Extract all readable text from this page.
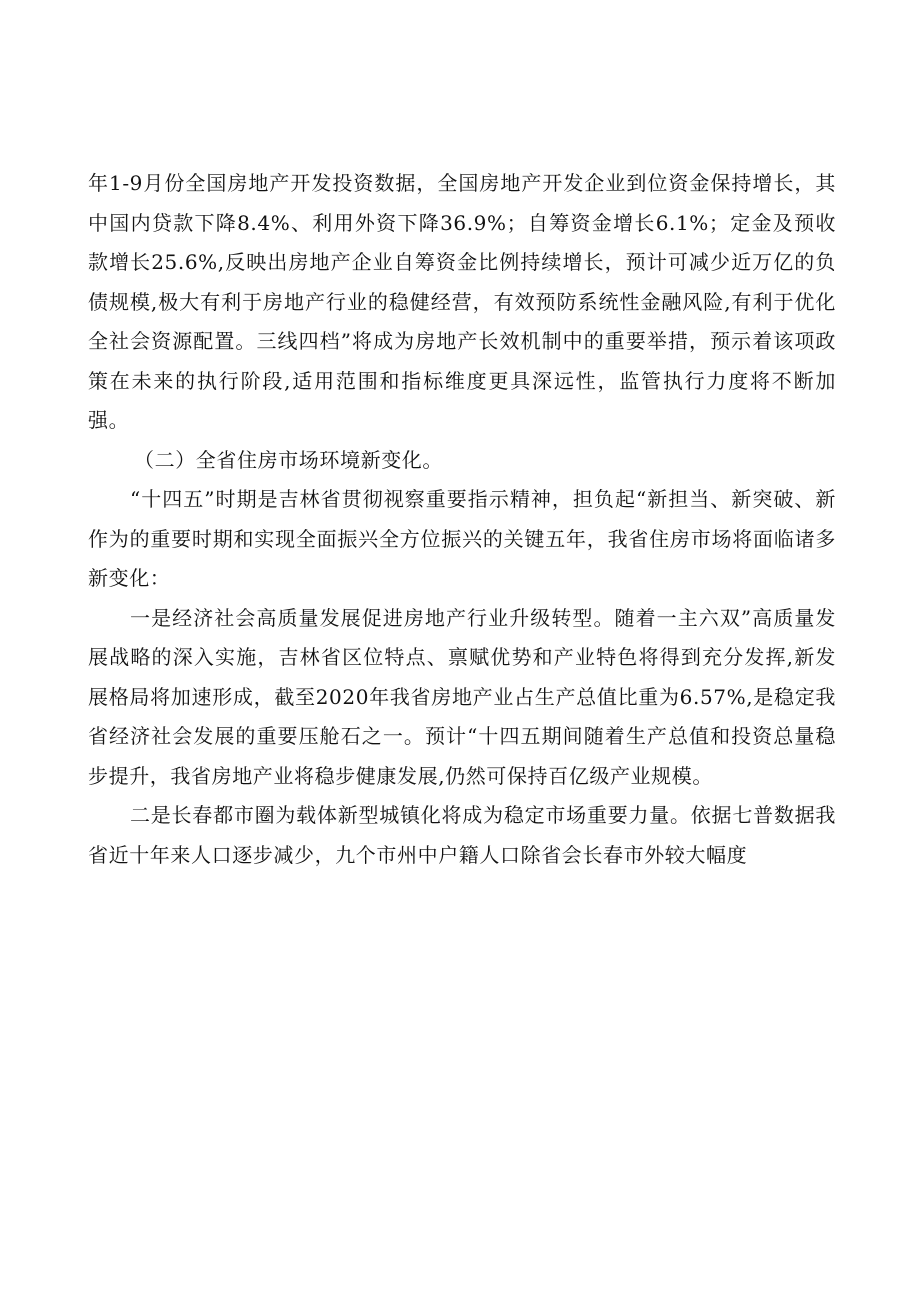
年1-9月份全国房地产开发投资数据，全国房地产开发企业到位资金保持增长，其中国内贷款下降8.4%、利用外资下降36.9%；自筹资金增长6.1%；定金及预收款增长25.6%,反映出房地产企业自筹资金比例持续增长，预计可减少近万亿的负债规模,极大有利于房地产行业的稳健经营，有效预防系统性金融风险,有利于优化全社会资源配置。三线四档”将成为房地产长效机制中的重要举措，预示着该项政策在未来的执行阶段,适用范围和指标维度更具深远性，监管执行力度将不断加强。

（二）全省住房市场环境新变化。

“十四五”时期是吉林省贯彻视察重要指示精神，担负起“新担当、新突破、新作为的重要时期和实现全面振兴全方位振兴的关键五年，我省住房市场将面临诸多新变化：

一是经济社会高质量发展促进房地产行业升级转型。随着一主六双”高质量发展战略的深入实施，吉林省区位特点、禀赋优势和产业特色将得到充分发挥,新发展格局将加速形成，截至2020年我省房地产业占生产总值比重为6.57%,是稳定我省经济社会发展的重要压舱石之一。预计“十四五期间随着生产总值和投资总量稳步提升，我省房地产业将稳步健康发展,仍然可保持百亿级产业规模。

二是长春都市圈为载体新型城镇化将成为稳定市场重要力量。依据七普数据我省近十年来人口逐步减少，九个市州中户籍人口除省会长春市外较大幅度
